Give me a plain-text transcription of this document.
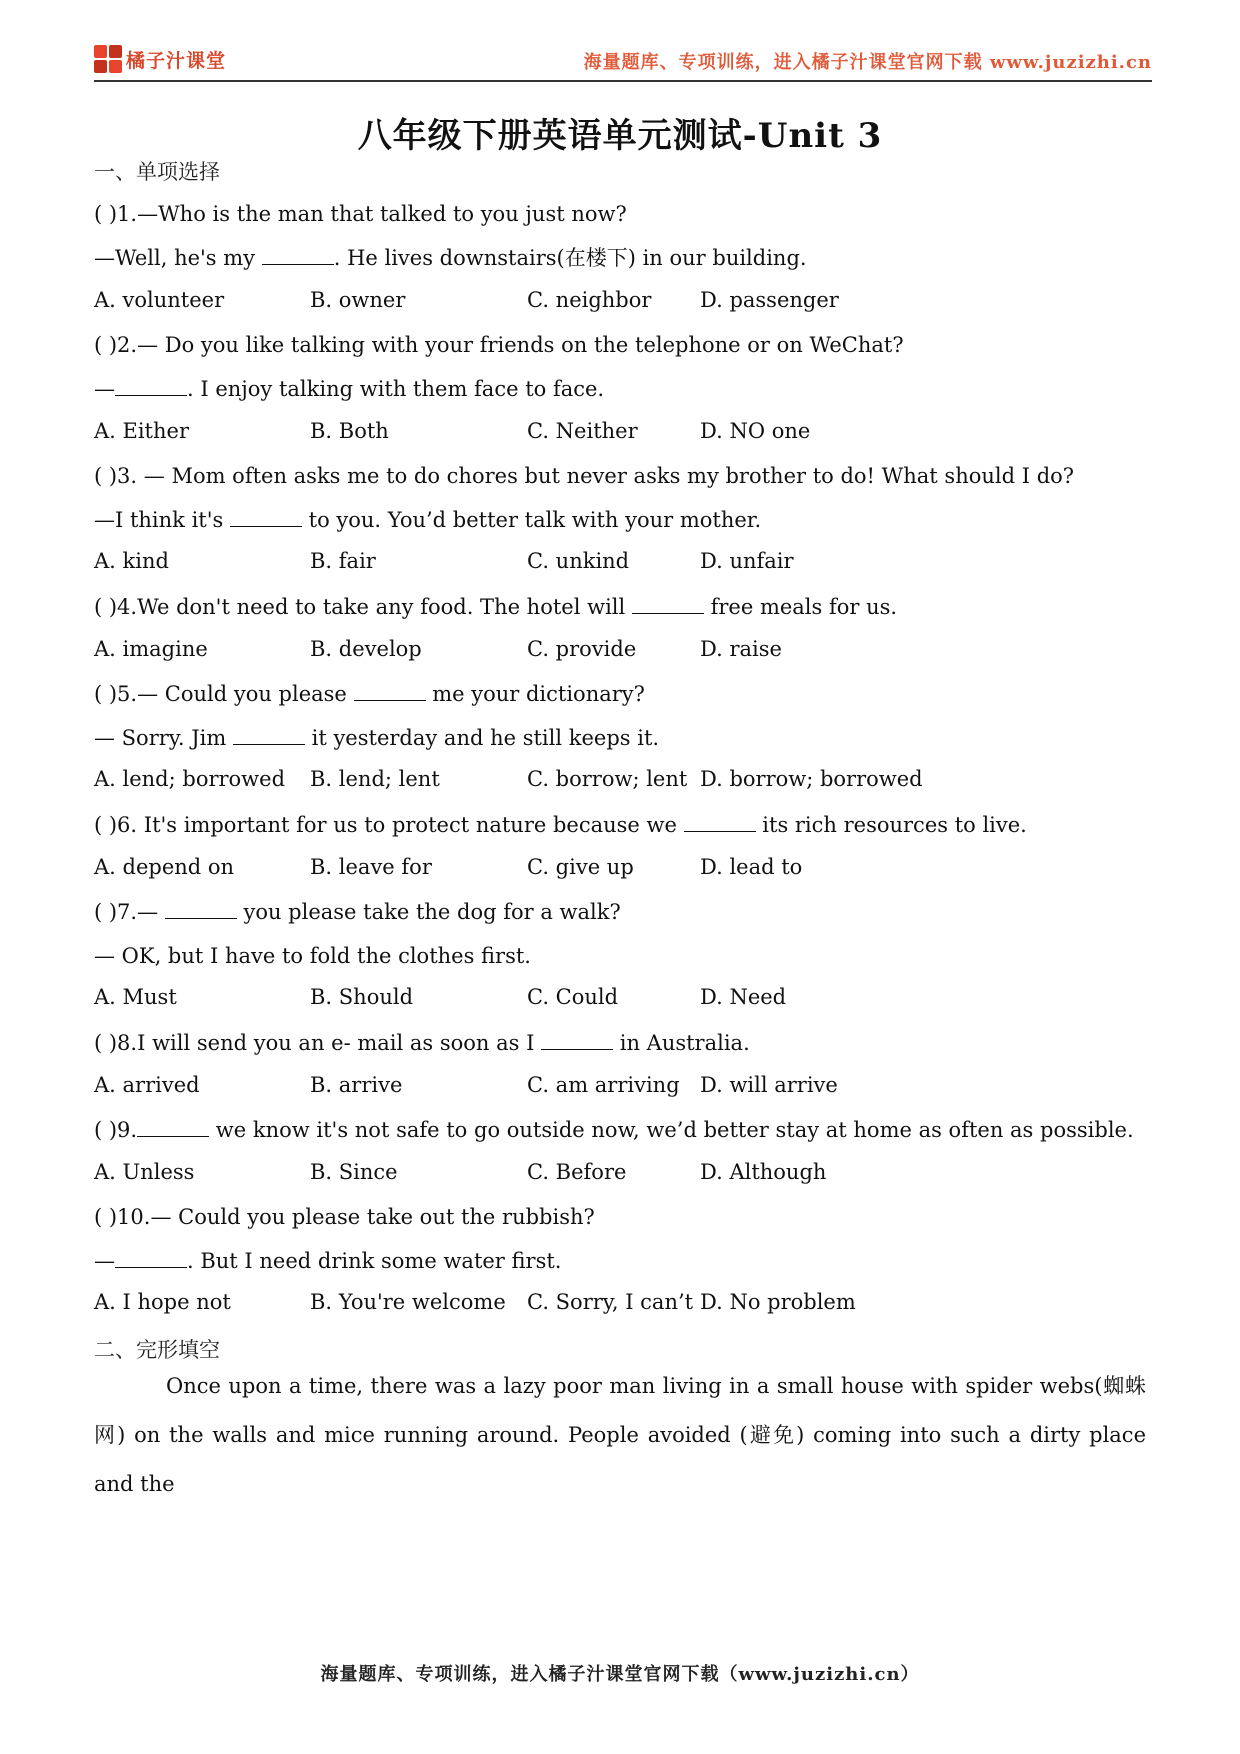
橘子汁课堂	海量题库、专项训练，进入橘子汁课堂官网下载 www.juzizhi.cn
八年级下册英语单元测试-Unit 3
一、单项选择
( )1.—Who is the man that talked to you just now?
—Well, he's my	. He lives downstairs(在楼下) in our building.
A. volunteer	B. owner	C. neighbor D. passenger
( )2.— Do you like talking with your friends on the telephone or on WeChat?
—	. I enjoy talking with them face to face.
A. Either	B. Both	C. Neither	D. NO one
( )3. — Mom often asks me to do chores but never asks my brother to do! What should I do?
—I think it's	to you. You’d better talk with your mother.
A. kind	B. fair	C. unkind	D. unfair
( )4.We don't need to take any food. The hotel will	free meals for us.
A. imagine	B. develop	C. provide	D. raise
( )5.— Could you please	me your dictionary?
— Sorry. Jim	it yesterday and he still keeps it.
A. lend; borrowed B. lend; lent	C. borrow; lent D. borrow; borrowed
( )6. It's important for us to protect nature because we	its rich resources to live.
A. depend on	B. leave for	C. give up	D. lead to
( )7.—	you please take the dog for a walk?
— OK, but I have to fold the clothes first.
A. Must	B. Should	C. Could	D. Need
( )8.I will send you an e- mail as soon as I	in Australia.
A. arrived	B. arrive	C. am arriving D. will arrive
( )9.	we know it's not safe to go outside now, we’d better stay at home as often as possible.
A. Unless	B. Since	C. Before	D. Although
( )10.— Could you please take out the rubbish?
—	. But I need drink some water first.
A. I hope not	B. You're welcome C. Sorry, I can’t D. No problem
二、完形填空

Once upon a time, there was a lazy poor man living in a small house with spider webs(蜘蛛网) on the walls and mice running around. People avoided (避免) coming into such a dirty place and the

海量题库、专项训练，进入橘子汁课堂官网下载（www.juzizhi.cn）
